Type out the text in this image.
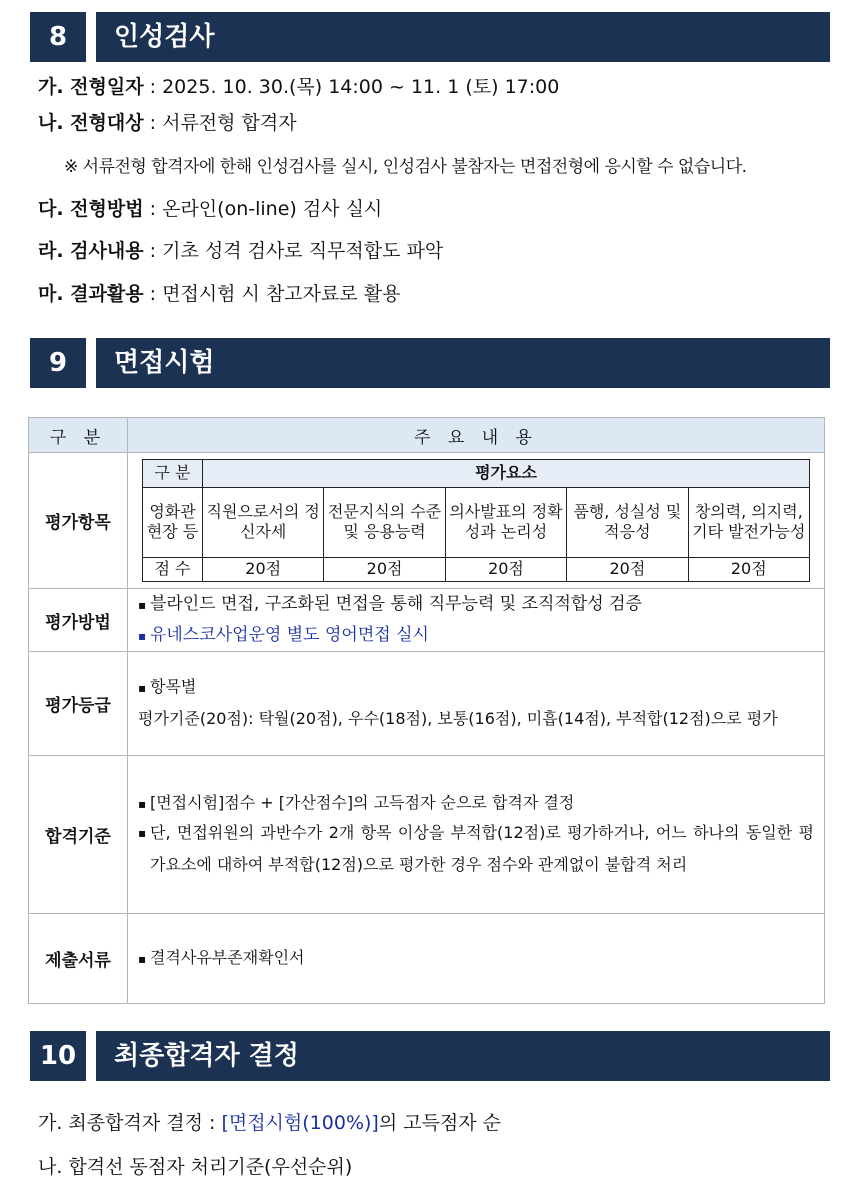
8	인성검사
가. 전형일자 : 2025. 10. 30.(목) 14:00 ~ 11. 1 (토) 17:00
나. 전형대상 : 서류전형 합격자
※ 서류전형 합격자에 한해 인성검사를 실시, 인성검사 불참자는 면접전형에 응시할 수 없습니다.
다. 전형방법 : 온라인(on-line) 검사 실시
라. 검사내용 : 기초 성격 검사로 직무적합도 파악
마. 결과활용 : 면접시험 시 참고자료로 활용
9	면접시험
구 분	주 요 내 용
평가항목	
구 분	평가요소
영화관 현장 등	직원으로서의 정신자세	전문지식의 수준 및 응용능력	의사발표의 정확성과 논리성	품행, 성실성 및 적응성	창의력, 의지력, 기타 발전가능성
점 수	20점	20점	20점	20점	20점

평가방법	
▪ 블라인드 면접, 구조화된 면접을 통해 직무능력 및 조직적합성 검증
▪ 유네스코사업운영 별도 영어면접 실시

평가등급	
▪ 항목별
평가기준(20점): 탁월(20점), 우수(18점), 보통(16점), 미흡(14점), 부적합(12점)으로 평가

합격기준	
▪ [면접시험]점수 + [가산점수]의 고득점자 순으로 합격자 결정
▪ 단, 면접위원의 과반수가 2개 항목 이상을 부적합(12점)로 평가하거나, 어느 하나의 동일한 평가요소에 대하여 부적합(12점)으로 평가한 경우 점수와 관계없이 불합격 처리

제출서류	
▪결격사유부존재확인서
10	최종합격자 결정
가. 최종합격자 결정 : [면접시험(100%)]의 고득점자 순
나. 합격선 동점자 처리기준(우선순위)
